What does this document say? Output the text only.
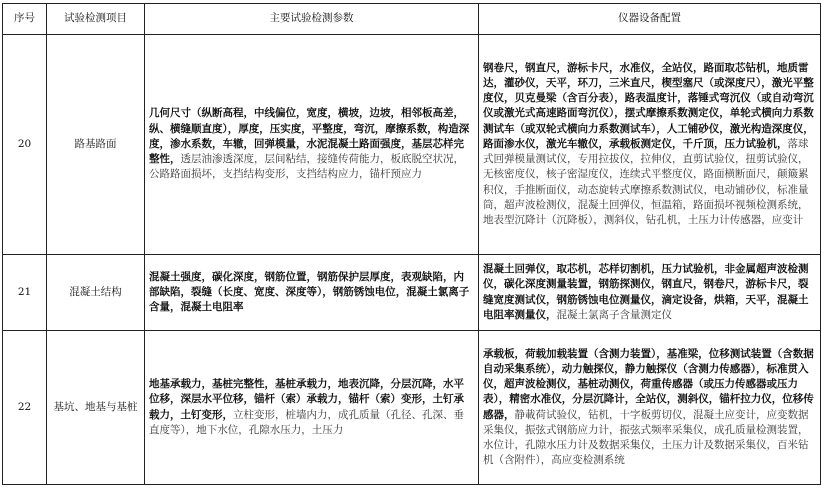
序号	试验检测项目	主要试验检测参数	仪器设备配置
20	路基路面	几何尺寸（纵断高程，中线偏位，宽度，横坡，边坡，相邻板高差，纵、横缝顺直度），厚度，压实度，平整度，弯沉，摩擦系数，构造深度，渗水系数，车辙，回弹模量，水泥混凝土路面强度，基层芯样完整性，透层油渗透深度，层间粘结，接缝传荷能力，板底脱空状况，公路路面损坏，支挡结构变形，支挡结构应力，锚杆预应力	钢卷尺，钢直尺，游标卡尺，水准仪，全站仪，路面取芯钻机，地质雷达，灌砂仪，天平，环刀，三米直尺，楔型塞尺（或深度尺），激光平整度仪，贝克曼梁（含百分表），路表温度计，落锤式弯沉仪（或自动弯沉仪或激光式高速路面弯沉仪），摆式摩擦系数测定仪，单轮式横向力系数测试车（或双轮式横向力系数测试车），人工铺砂仪，激光构造深度仪，路面渗水仪，激光车辙仪，承载板测定仪，千斤顶，压力试验机，落球式回弹模量测试仪，专用拉拔仪，拉伸仪，直剪试验仪，扭剪试验仪，无核密度仪，核子密湿度仪，连续式平整度仪，路面横断面尺，颠簸累积仪，手推断面仪，动态旋转式摩擦系数测试仪，电动铺砂仪，标准量筒，超声波检测仪，混凝土回弹仪，恒温箱，路面损坏视频检测系统，地表型沉降计（沉降板），测斜仪，钻孔机，土压力计传感器，应变计
21	混凝土结构	混凝土强度，碳化深度，钢筋位置，钢筋保护层厚度，表观缺陷，内部缺陷，裂缝（长度、宽度、深度等），钢筋锈蚀电位，混凝土氯离子含量，混凝土电阻率	混凝土回弹仪，取芯机，芯样切割机，压力试验机，非金属超声波检测仪，碳化深度测量装置，钢筋探测仪，钢直尺，钢卷尺，游标卡尺，裂缝宽度测试仪，钢筋锈蚀电位测量仪，滴定设备，烘箱，天平，混凝土电阻率测量仪，混凝土氯离子含量测定仪
22	基坑、地基与基桩	地基承载力，基桩完整性，基桩承载力，地表沉降，分层沉降，水平位移，深层水平位移，锚杆（索）承载力，锚杆（索）变形，土钉承载力，土钉变形，立柱变形，桩墙内力，成孔质量（孔径、孔深、垂直度等），地下水位，孔隙水压力，土压力	承载板，荷载加载装置（含测力装置），基准梁，位移测试装置（含数据自动采集系统），动力触探仪，静力触探仪（含测力传感器），标准贯入仪，超声波检测仪，基桩动测仪，荷重传感器（或压力传感器或压力表），精密水准仪，分层沉降计，全站仪，测斜仪，锚杆拉力仪，位移传感器，静載荷试验仪，钻机，十字板剪切仪，混凝土应变计，应变数据采集仪，振弦式钢筋应力计，振弦式频率采集仪，成孔质量检测装置，水位计，孔隙水压力计及数据采集仪，土压力计及数据采集仪，百米钻机（含附件），高应变检测系统
